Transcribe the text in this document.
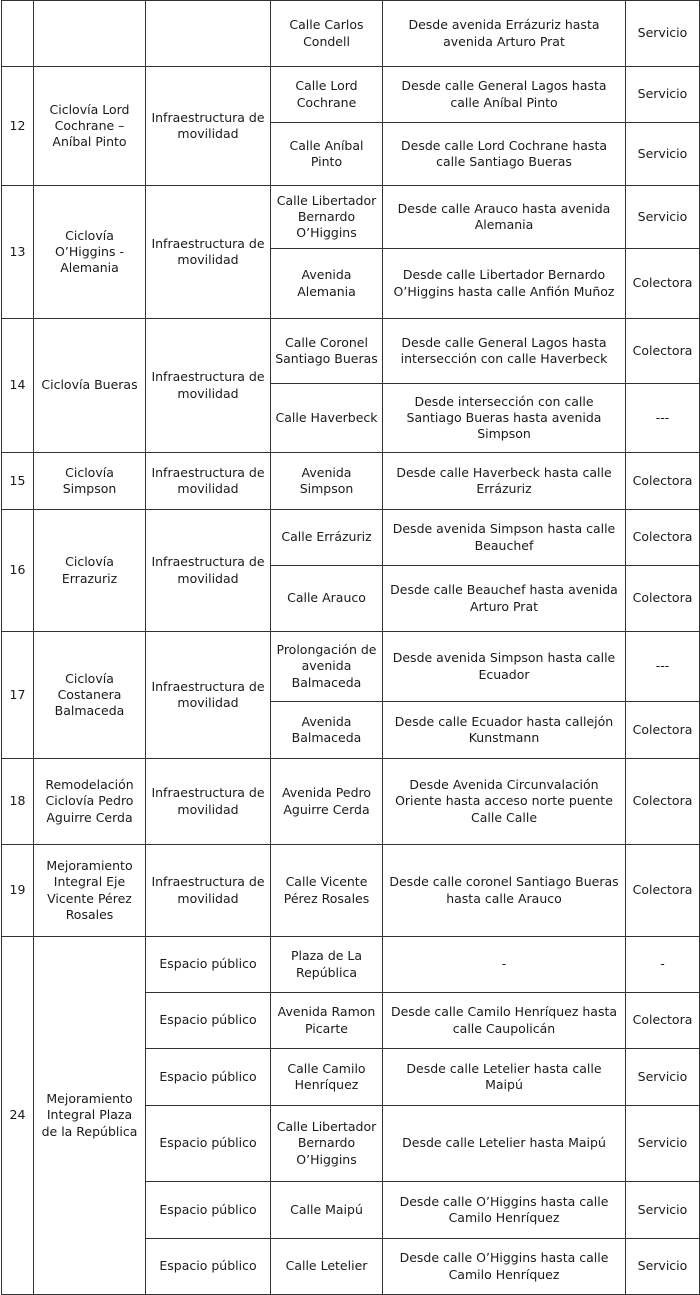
			Calle Carlos Condell	Desde avenida Errázuriz hasta avenida Arturo Prat	Servicio
12	Ciclovía Lord Cochrane – Aníbal Pinto	Infraestructura de movilidad	Calle Lord Cochrane	Desde calle General Lagos hasta calle Aníbal Pinto	Servicio
			Calle Aníbal Pinto	Desde calle Lord Cochrane hasta calle Santiago Bueras	Servicio
13	Ciclovía O’Higgins - Alemania	Infraestructura de movilidad	Calle Libertador Bernardo O’Higgins	Desde calle Arauco hasta avenida Alemania	Servicio
			Avenida Alemania	Desde calle Libertador Bernardo O’Higgins hasta calle Anfión Muñoz	Colectora
14	Ciclovía Bueras	Infraestructura de movilidad	Calle Coronel Santiago Bueras	Desde calle General Lagos hasta intersección con calle Haverbeck	Colectora
			Calle Haverbeck	Desde intersección con calle Santiago Bueras hasta avenida Simpson	---
15	Ciclovía Simpson	Infraestructura de movilidad	Avenida Simpson	Desde calle Haverbeck hasta calle Errázuriz	Colectora
16	Ciclovía Errazuriz	Infraestructura de movilidad	Calle Errázuriz	Desde avenida Simpson hasta calle Beauchef	Colectora
			Calle Arauco	Desde calle Beauchef hasta avenida Arturo Prat	Colectora
17	Ciclovía Costanera Balmaceda	Infraestructura de movilidad	Prolongación de avenida Balmaceda	Desde avenida Simpson hasta calle Ecuador	---
			Avenida Balmaceda	Desde calle Ecuador hasta callejón Kunstmann	Colectora
18	Remodelación Ciclovía Pedro Aguirre Cerda	Infraestructura de movilidad	Avenida Pedro Aguirre Cerda	Desde Avenida Circunvalación Oriente hasta acceso norte puente Calle Calle	Colectora
19	Mejoramiento Integral Eje Vicente Pérez Rosales	Infraestructura de movilidad	Calle Vicente Pérez Rosales	Desde calle coronel Santiago Bueras hasta calle Arauco	Colectora
24	Mejoramiento Integral Plaza de la República	Espacio público	Plaza de La República	-	-
		Espacio público	Avenida Ramon Picarte	Desde calle Camilo Henríquez hasta calle Caupolicán	Colectora
		Espacio público	Calle Camilo Henríquez	Desde calle Letelier hasta calle Maipú	Servicio
		Espacio público	Calle Libertador Bernardo O’Higgins	Desde calle Letelier hasta Maipú	Servicio
		Espacio público	Calle Maipú	Desde calle O’Higgins hasta calle Camilo Henríquez	Servicio
		Espacio público	Calle Letelier	Desde calle O’Higgins hasta calle Camilo Henríquez	Servicio
